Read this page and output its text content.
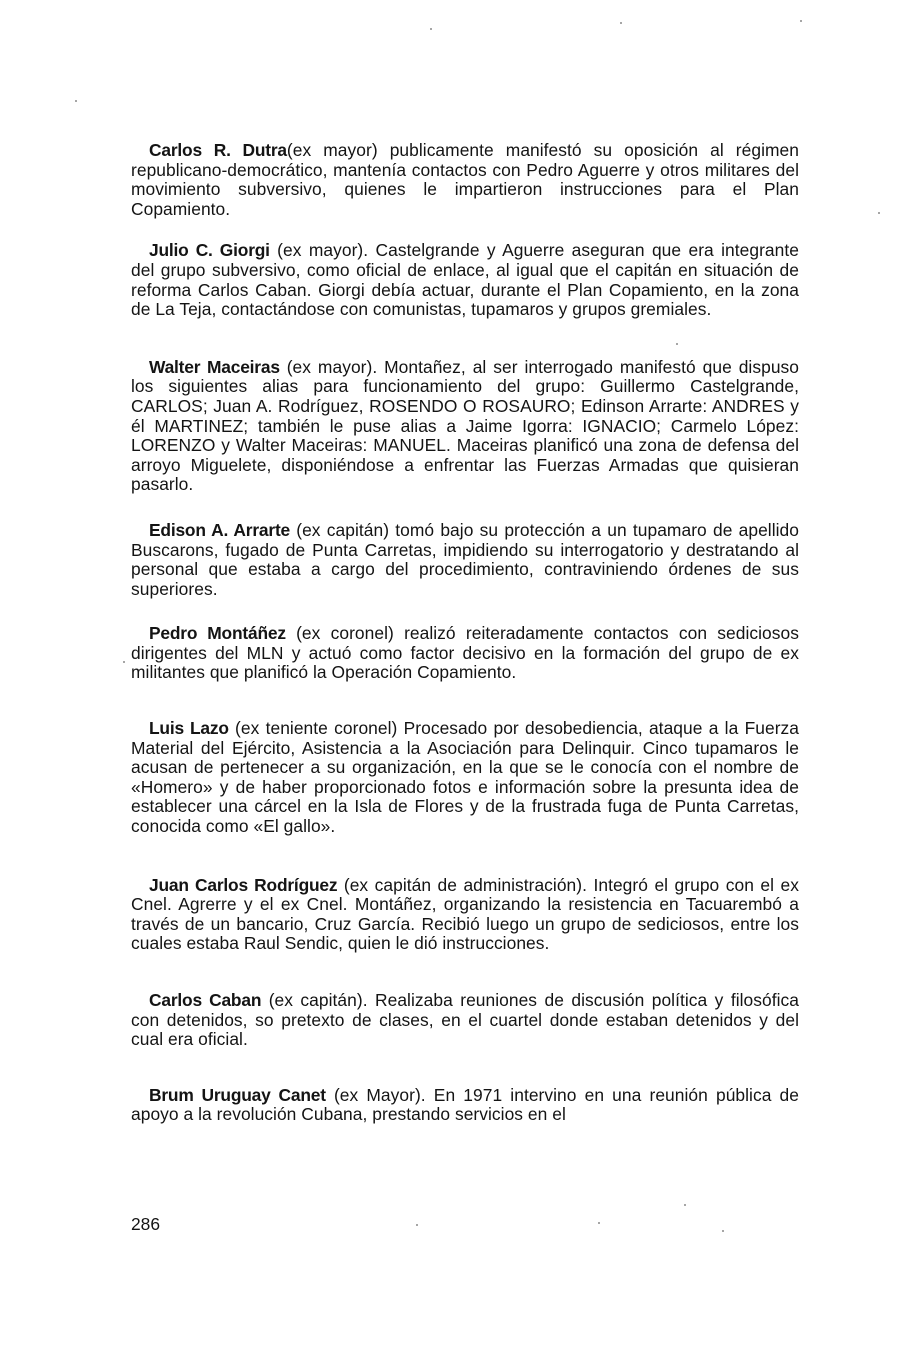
Carlos R. Dutra(ex mayor) publicamente manifestó su oposición al régimen republicano-democrático, mantenía contactos con Pedro Aguerre y otros militares del movimiento subversivo, quienes le impartieron instrucciones para el Plan Copamiento.

Julio C. Giorgi (ex mayor). Castelgrande y Aguerre aseguran que era integrante del grupo subversivo, como oficial de enlace, al igual que el capitán en situación de reforma Carlos Caban. Giorgi debía actuar, durante el Plan Copamiento, en la zona de La Teja, contactándose con comunistas, tupamaros y grupos gremiales.

Walter Maceiras (ex mayor). Montañez, al ser interrogado manifestó que dispuso los siguientes alias para funcionamiento del grupo: Guillermo Castelgrande, CARLOS; Juan A. Rodríguez, ROSENDO O ROSAURO; Edinson Arrarte: ANDRES y él MARTINEZ; también le puse alias a Jaime Igorra: IGNACIO; Carmelo López: LORENZO y Walter Maceiras: MANUEL. Maceiras planificó una zona de defensa del arroyo Miguelete, disponiéndose a enfrentar las Fuerzas Armadas que quisieran pasarlo.

Edison A. Arrarte (ex capitán) tomó bajo su protección a un tupamaro de apellido Buscarons, fugado de Punta Carretas, impidiendo su interrogatorio y destratando al personal que estaba a cargo del procedimiento, contraviniendo órdenes de sus superiores.

Pedro Montáñez (ex coronel) realizó reiteradamente contactos con sediciosos dirigentes del MLN y actuó como factor decisivo en la formación del grupo de ex militantes que planificó la Operación Copamiento.

Luis Lazo (ex teniente coronel) Procesado por desobediencia, ataque a la Fuerza Material del Ejército, Asistencia a la Asociación para Delinquir. Cinco tupamaros le acusan de pertenecer a su organización, en la que se le conocía con el nombre de «Homero» y de haber proporcionado fotos e información sobre la presunta idea de establecer una cárcel en la Isla de Flores y de la frustrada fuga de Punta Carretas, conocida como «El gallo».

Juan Carlos Rodríguez (ex capitán de administración). Integró el grupo con el ex Cnel. Agrerre y el ex Cnel. Montáñez, organizando la resistencia en Tacuarembó a través de un bancario, Cruz García. Recibió luego un grupo de sediciosos, entre los cuales estaba Raul Sendic, quien le dió instrucciones.

Carlos Caban (ex capitán). Realizaba reuniones de discusión política y filosófica con detenidos, so pretexto de clases, en el cuartel donde estaban detenidos y del cual era oficial.

Brum Uruguay Canet (ex Mayor). En 1971 intervino en una reunión pública de apoyo a la revolución Cubana, prestando servicios en el

286
